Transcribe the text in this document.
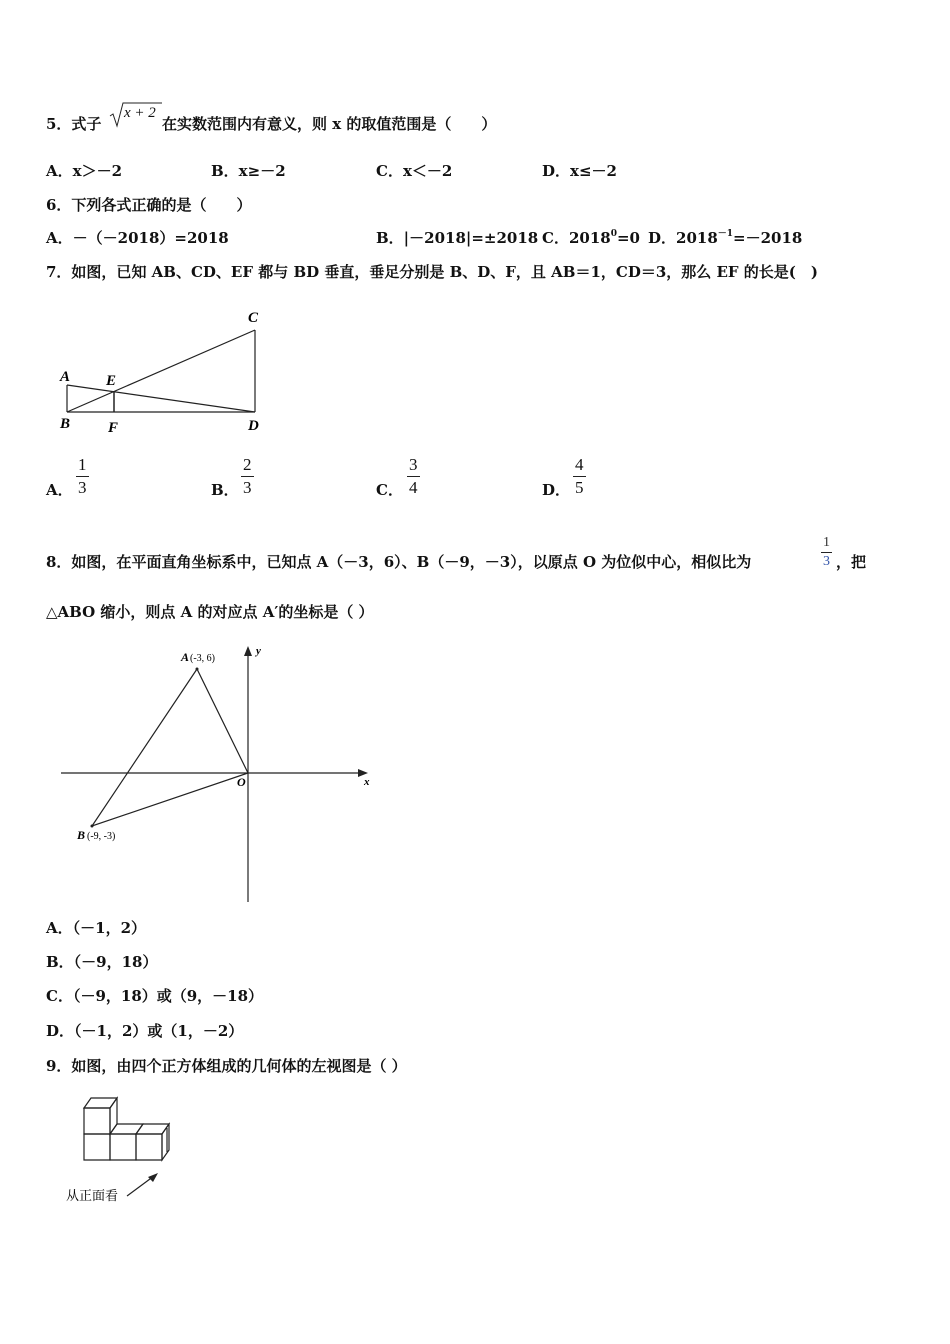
5．式子
x + 2
在实数范围内有意义，则 x 的取值范围是（　　）
A．x＞－2	B．x≥－2	C．x＜－2	D．x≤－2
6．下列各式正确的是（　　）
A．－（－2018）=2018	B．|－2018|=±2018 C．$2018^0=0$ D．$2018^{-1}=-2018$
7．如图，已知 AB、CD、EF 都与 BD 垂直，垂足分别是 B、D、F，且 AB＝1，CD＝3，那么 EF 的长是(　)
A
B
C
D
E
F
A．
1
3	B．
2
3	C．
3
4	D．
4
5
8．如图，在平面直角坐标系中，已知点 A（－3，6）、B（－9，－3），以原点 O 为位似中心，相似比为
1
3 ，把
△ABO 缩小，则点 A 的对应点 A′的坐标是（ ）
A (-3, 6)
B (-9, -3)
O	x
y
A．（－1，2）
B．（－9，18）
C．（－9，18）或（9，－18）
D．（－1，2）或（1，－2）
9．如图，由四个正方体组成的几何体的左视图是（ ）
从正面看
